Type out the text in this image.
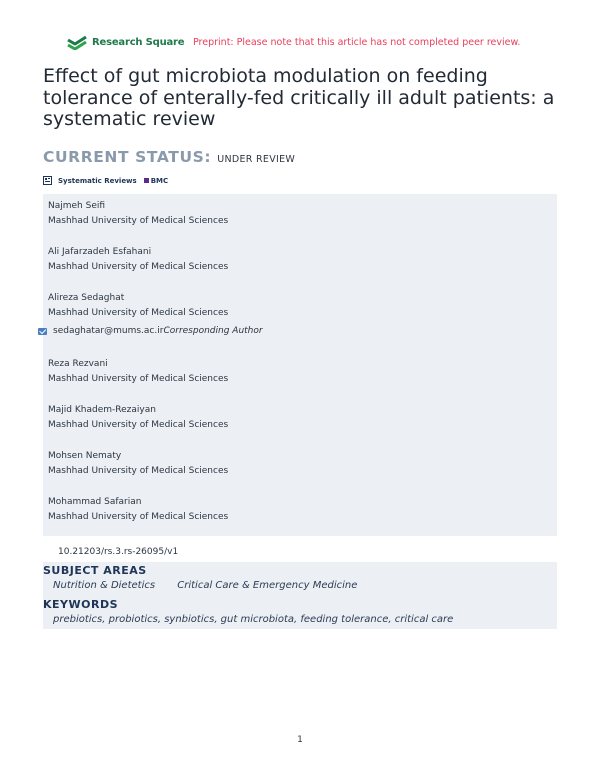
Research Square Preprint: Please note that this article has not completed peer review.
Effect of gut microbiota modulation on feeding tolerance of enterally-fed critically ill adult patients: a systematic review
CURRENT STATUS: UNDER REVIEW
Systematic Reviews BMC
Najmeh Seifi
Mashhad University of Medical Sciences
Ali Jafarzadeh Esfahani
Mashhad University of Medical Sciences
Alireza Sedaghat
Mashhad University of Medical Sciences
sedaghatar@mums.ac.ir Corresponding Author
Reza Rezvani
Mashhad University of Medical Sciences
Majid Khadem-Rezaiyan
Mashhad University of Medical Sciences
Mohsen Nematy
Mashhad University of Medical Sciences
Mohammad Safarian
Mashhad University of Medical Sciences
10.21203/rs.3.rs-26095/v1
SUBJECT AREAS
Nutrition & Dietetics Critical Care & Emergency Medicine
KEYWORDS
prebiotics, probiotics, synbiotics, gut microbiota, feeding tolerance, critical care
1
